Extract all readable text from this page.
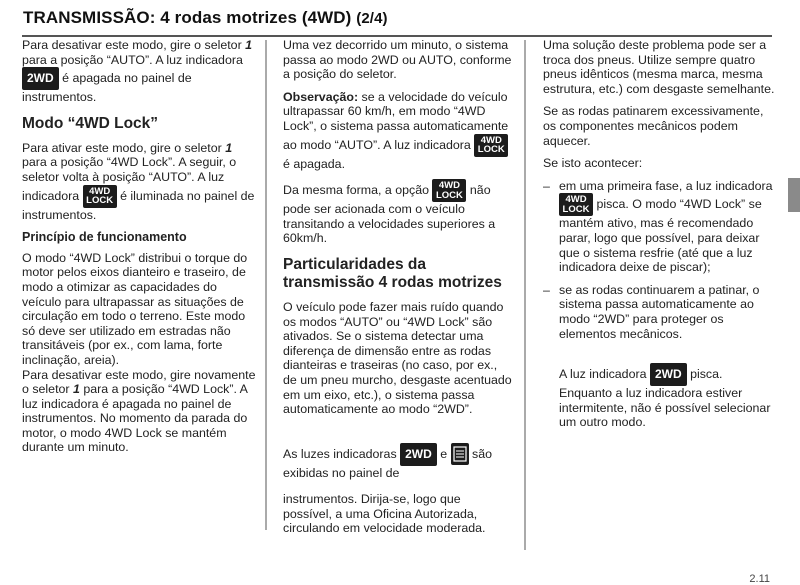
TRANSMISSÃO: 4 rodas motrizes (4WD) (2/4)

Para desativar este modo, gire o seletor 1 para a posição “AUTO”. A luz indicadora 2WD é apagada no painel de instrumentos.

Modo “4WD Lock”

Para ativar este modo, gire o seletor 1 para a posição “4WD Lock”. A seguir, o seletor volta à posição “AUTO”. A luz indicadora 4WD
LOCK é iluminada no painel de instrumentos.

Princípio de funcionamento

O modo “4WD Lock” distribui o torque do motor pelos eixos dianteiro e traseiro, de modo a otimizar as capacidades do veículo para ultrapassar as situações de circulação em todo o terreno. Este modo só deve ser utilizado em estradas não transitáveis (por ex., com lama, forte inclinação, areia).

Para desativar este modo, gire novamente o seletor 1 para a posição “4WD Lock”. A luz indicadora é apagada no painel de instrumentos. No momento da parada do motor, o modo 4WD Lock se mantém durante um minuto.

Uma vez decorrido um minuto, o sistema passa ao modo 2WD ou AUTO, conforme a posição do seletor.

Observação: se a velocidade do veículo ultrapassar 60 km/h, em modo “4WD Lock”, o sistema passa automaticamente ao modo “AUTO”. A luz indicadora 4WD
LOCK é apagada.

Da mesma forma, a opção 4WD
LOCK não pode ser acionada com o veículo transitando a velocidades superiores a 60km/h.

Particularidades da transmissão 4 rodas motrizes

O veículo pode fazer mais ruído quando os modos “AUTO” ou “4WD Lock” são ativados. Se o sistema detectar uma diferença de dimensão entre as rodas dianteiras e traseiras (no caso, por ex., de um pneu murcho, desgaste acentuado em um eixo, etc.), o sistema passa automaticamente ao modo “2WD”.

As luzes indicadoras 2WD e são exibidas no painel de

instrumentos. Dirija-se, logo que possível, a uma Oficina Autorizada, circulando em velocidade moderada.

Uma solução deste problema pode ser a troca dos pneus. Utilize sempre quatro pneus idênticos (mesma marca, mesma estrutura, etc.) com desgaste semelhante.

Se as rodas patinarem excessivamente, os componentes mecânicos podem aquecer.

Se isto acontecer:

– em uma primeira fase, a luz indicadora 4WD
LOCK pisca. O modo “4WD Lock” se mantém ativo, mas é recomendado parar, logo que possível, para deixar que o sistema resfrie (até que a luz indicadora deixe de piscar);
– se as rodas continuarem a patinar, o sistema passa automaticamente ao modo “2WD” para proteger os elementos mecânicos.

A luz indicadora 2WD pisca. Enquanto a luz indicadora estiver intermitente, não é possível selecionar um outro modo.

2.11
